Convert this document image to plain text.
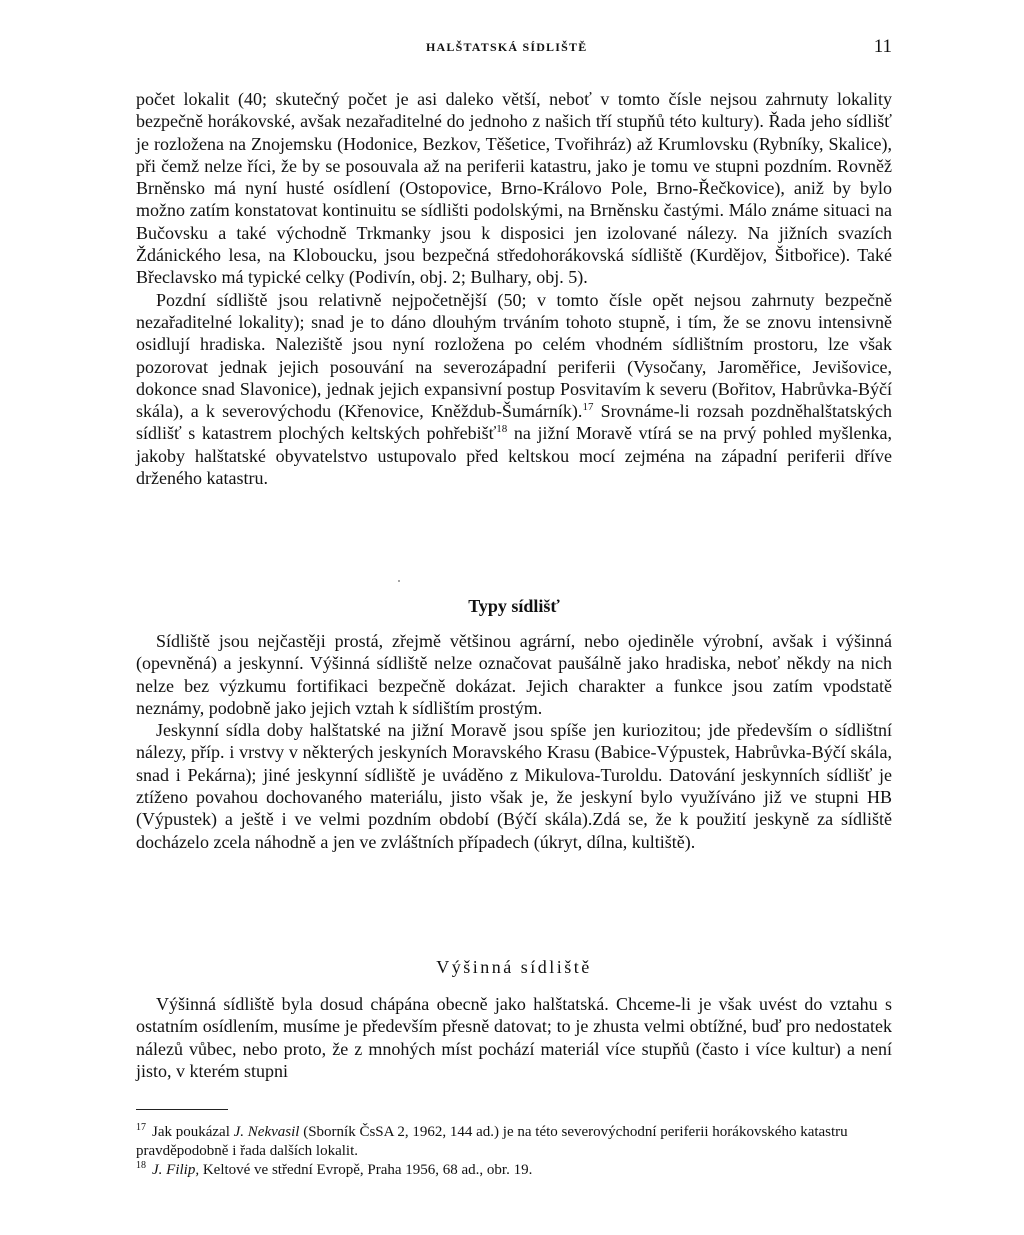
HALŠTATSKÁ SÍDLIŠTĚ	11

počet lokalit (40; skutečný počet je asi daleko větší, neboť v tomto čísle nejsou zahrnuty lokality bezpečně horákovské, avšak nezařaditelné do jednoho z našich tří stupňů této kultury). Řada jeho sídlišť je rozložena na Znojemsku (Hodonice, Bezkov, Těšetice, Tvořihráz) až Krumlovsku (Rybníky, Skalice), při čemž nelze říci, že by se posouvala až na periferii katastru, jako je tomu ve stupni pozdním. Rovněž Brněnsko má nyní husté osídlení (Ostopovice, Brno-Královo Pole, Brno-Řečkovice), aniž by bylo možno zatím konstatovat kontinuitu se sídlišti podolskými, na Brněnsku častými. Málo známe situaci na Bučovsku a také východně Trkmanky jsou k disposici jen izolované nálezy. Na jižních svazích Ždánického lesa, na Kloboucku, jsou bezpečná středohorákovská sídliště (Kurdějov, Šitbořice). Také Břeclavsko má typické celky (Podivín, obj. 2; Bulhary, obj. 5).

Pozdní sídliště jsou relativně nejpočetnější (50; v tomto čísle opět nejsou zahrnuty bezpečně nezařaditelné lokality); snad je to dáno dlouhým trváním tohoto stupně, i tím, že se znovu intensivně osidlují hradiska. Naleziště jsou nyní rozložena po celém vhodném sídlištním prostoru, lze však pozorovat jednak jejich posouvání na severozápadní periferii (Vysočany, Jaroměřice, Jevišovice, dokonce snad Slavonice), jednak jejich expansivní postup Posvitavím k severu (Bořitov, Habrůvka-Býčí skála), a k severovýchodu (Křenovice, Kněždub-Šumárník).$^{17}$ Srovnáme-li rozsah pozdněhalštatských sídlišť s katastrem plochých keltských pohřebišť$^{18}$ na jižní Moravě vtírá se na prvý pohled myšlenka, jakoby halštatské obyvatelstvo ustupovalo před keltskou mocí zejména na západní periferii dříve drženého katastru.

Typy sídlišť

Sídliště jsou nejčastěji prostá, zřejmě většinou agrární, nebo ojediněle výrobní, avšak i výšinná (opevněná) a jeskynní. Výšinná sídliště nelze označovat paušálně jako hradiska, neboť někdy na nich nelze bez výzkumu fortifikaci bezpečně dokázat. Jejich charakter a funkce jsou zatím vpodstatě neznámy, podobně jako jejich vztah k sídlištím prostým.

Jeskynní sídla doby halštatské na jižní Moravě jsou spíše jen kuriozitou; jde především o sídlištní nálezy, příp. i vrstvy v některých jeskyních Moravského Krasu (Babice-Výpustek, Habrůvka-Býčí skála, snad i Pekárna); jiné jeskynní sídliště je uváděno z Mikulova-Turoldu. Datování jeskynních sídlišť je ztíženo povahou dochovaného materiálu, jisto však je, že jeskyní bylo využíváno již ve stupni HB (Výpustek) a ještě i ve velmi pozdním období (Býčí skála).Zdá se, že k použití jeskyně za sídliště docházelo zcela náhodně a jen ve zvláštních případech (úkryt, dílna, kultiště).

Výšinná sídliště

Výšinná sídliště byla dosud chápána obecně jako halštatská. Chceme-li je však uvést do vztahu s ostatním osídlením, musíme je především přesně datovat; to je zhusta velmi obtížné, buď pro nedostatek nálezů vůbec, nebo proto, že z mnohých míst pochází materiál více stupňů (často i více kultur) a není jisto, v kterém stupni

$^{17}$ Jak poukázal J. Nekvasil (Sborník ČsSA 2, 1962, 144 ad.) je na této severovýchodní periferii horákovského katastru pravděpodobně i řada dalších lokalit.

$^{18}$ J. Filip, Keltové ve střední Evropě, Praha 1956, 68 ad., obr. 19.
